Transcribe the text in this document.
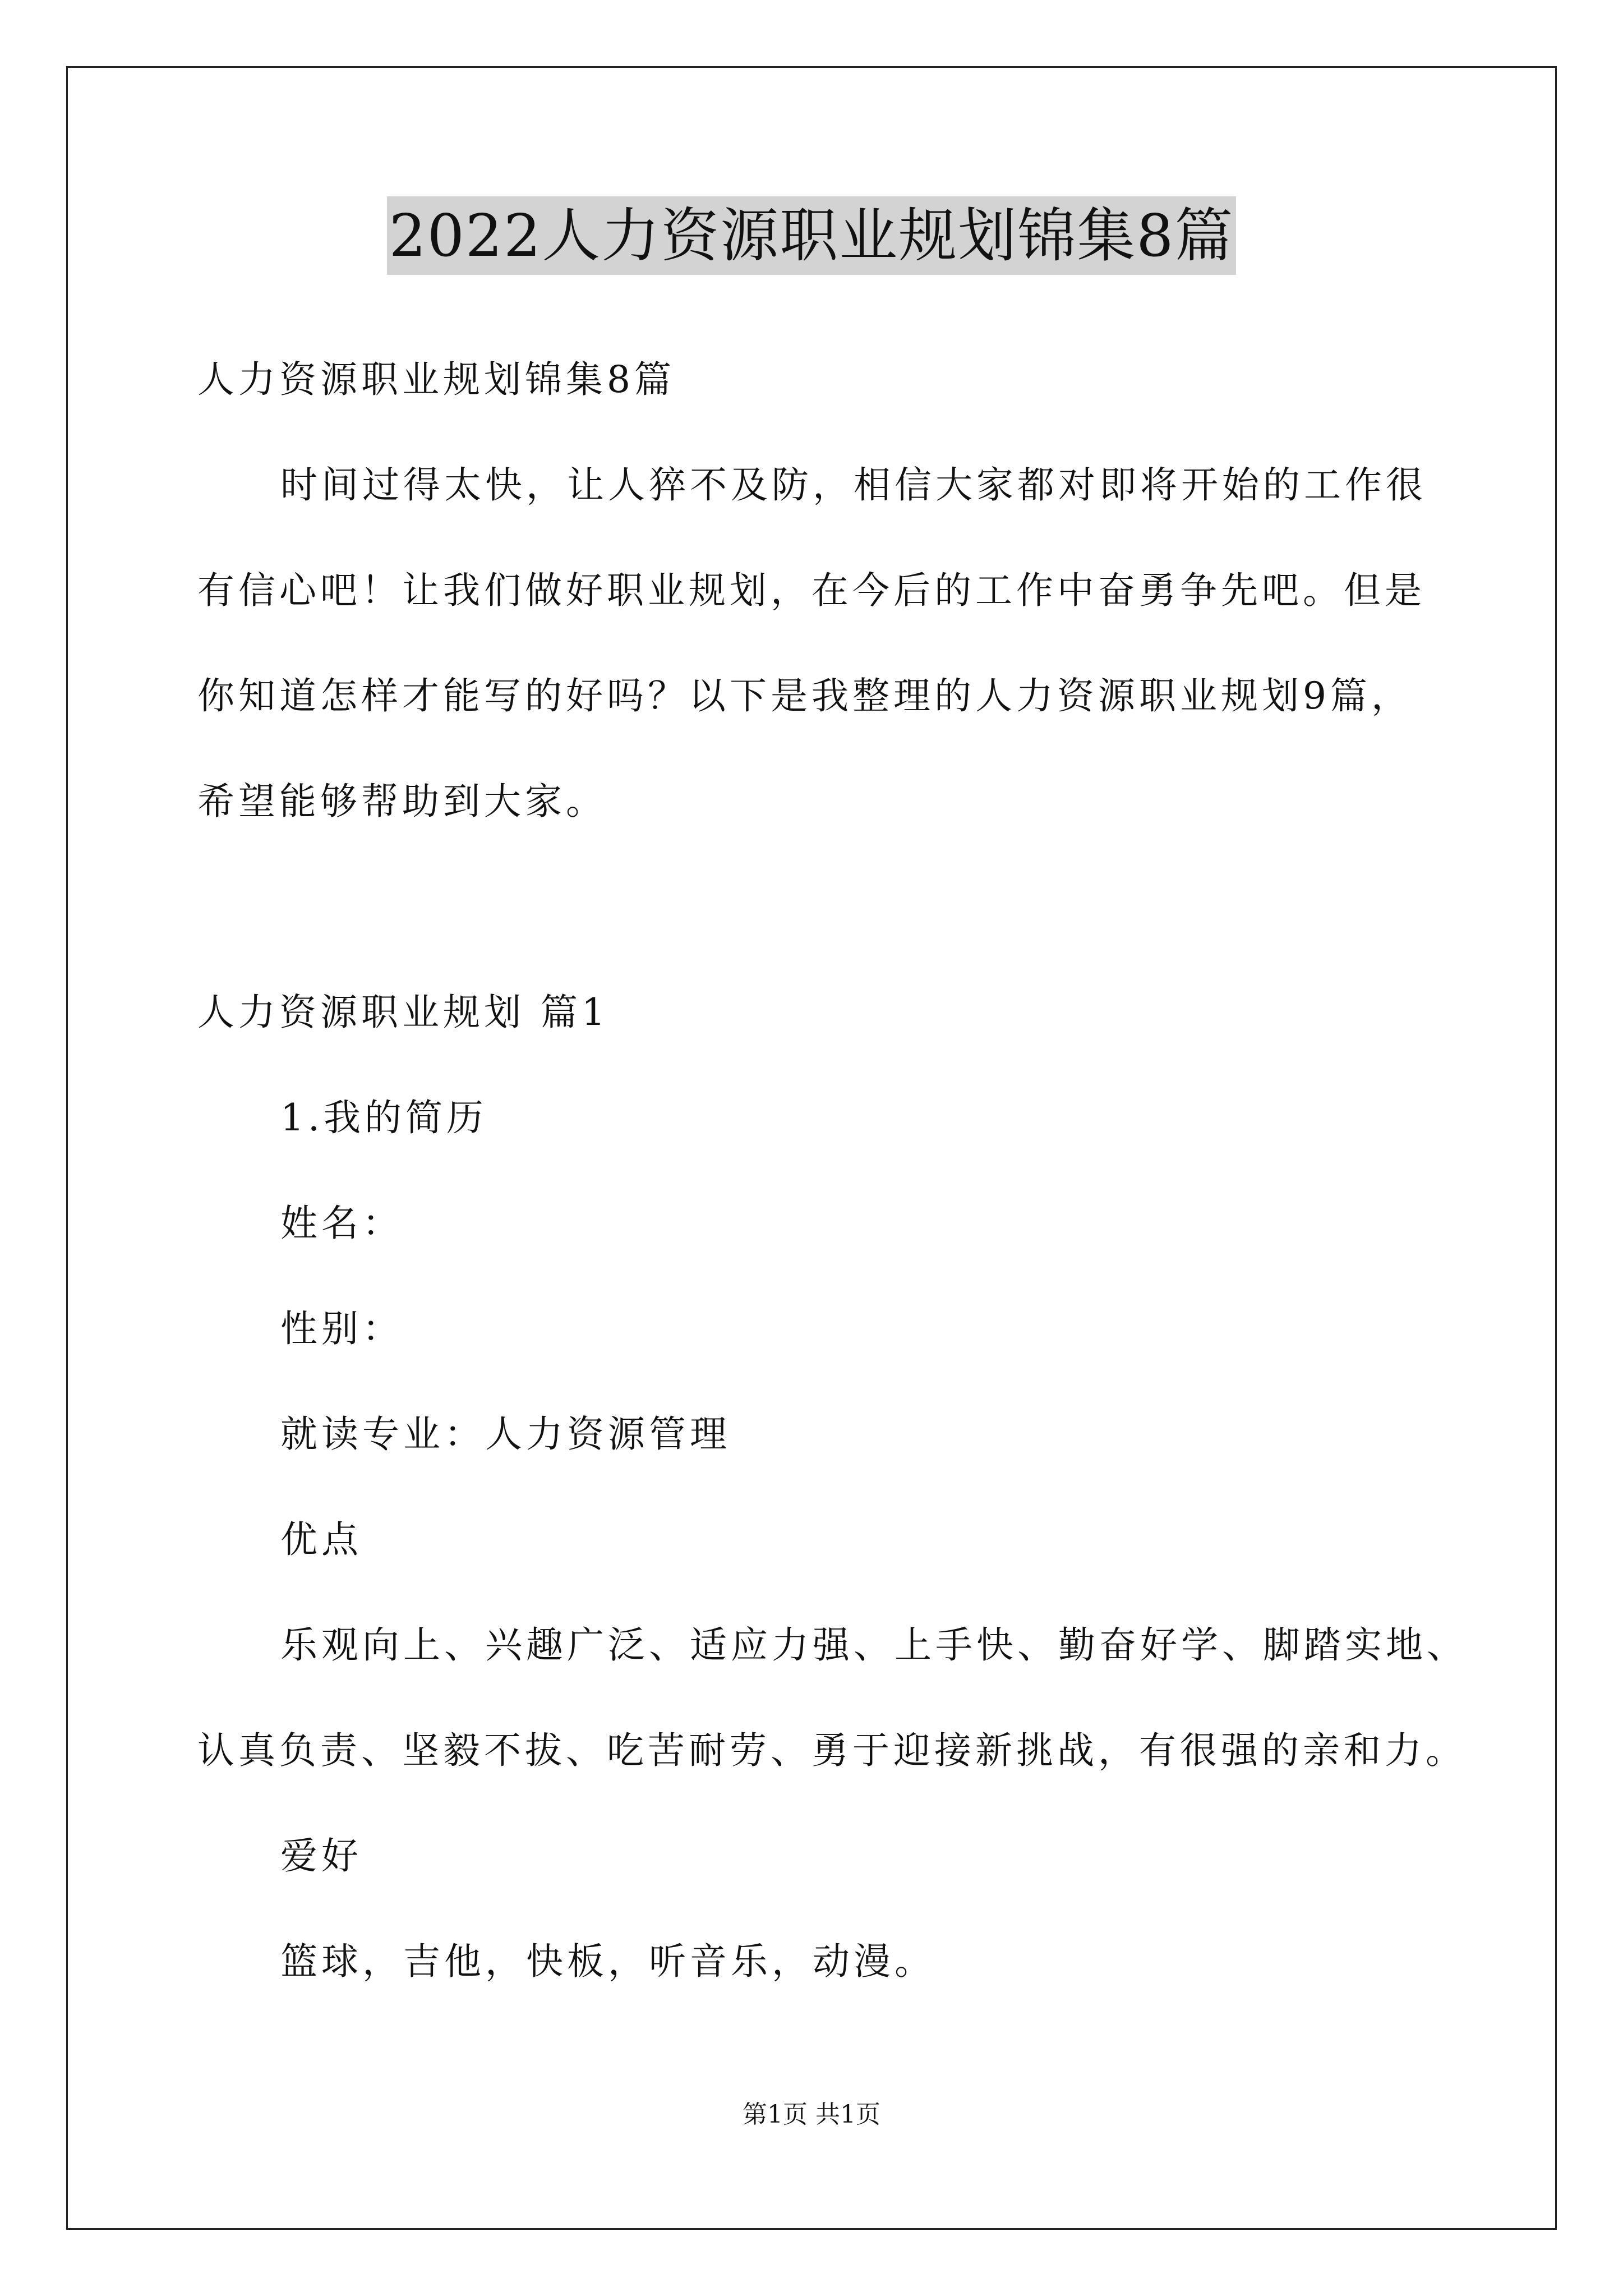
2022人力资源职业规划锦集8篇
人力资源职业规划锦集8篇
时间过得太快，让人猝不及防，相信大家都对即将开始的工作很
有信心吧！让我们做好职业规划，在今后的工作中奋勇争先吧。但是
你知道怎样才能写的好吗？以下是我整理的人力资源职业规划9篇，
希望能够帮助到大家。
人力资源职业规划 篇1
1.我的简历
姓名：
性别：
就读专业：人力资源管理
优点
乐观向上、兴趣广泛、适应力强、上手快、勤奋好学、脚踏实地、
认真负责、坚毅不拔、吃苦耐劳、勇于迎接新挑战，有很强的亲和力。
爱好
篮球，吉他，快板，听音乐，动漫。
第1页 共1页
